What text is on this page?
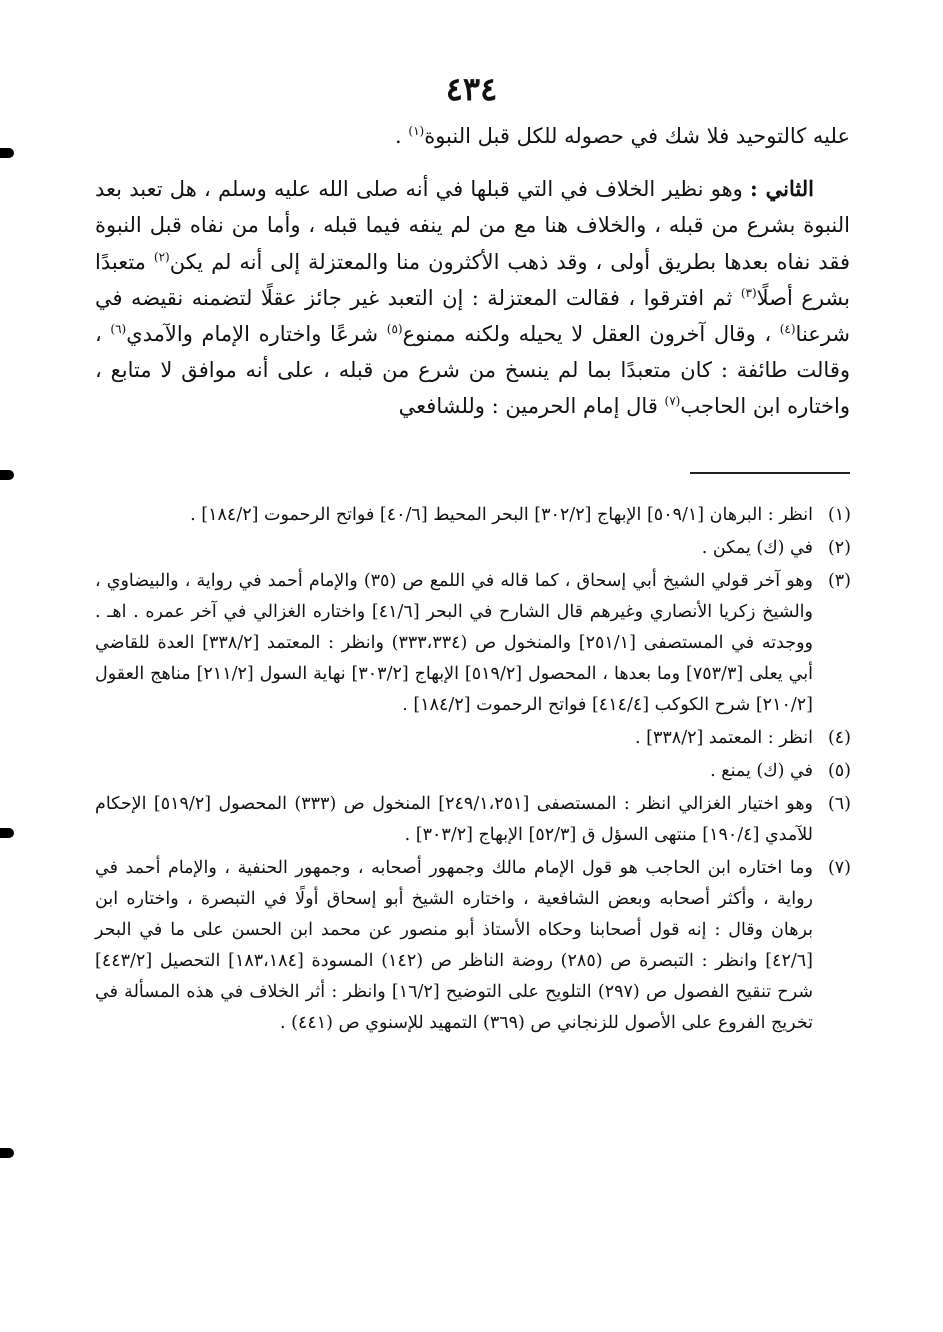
٤٣٤

عليه كالتوحيد فلا شك في حصوله للكل قبل النبوة$^{(١)}$ .

الثاني : وهو نظير الخلاف في التي قبلها في أنه صلى الله عليه وسلم ، هل تعبد بعد النبوة بشرع من قبله ، والخلاف هنا مع من لم ينفه فيما قبله ، وأما من نفاه قبل النبوة فقد نفاه بعدها بطريق أولى ، وقد ذهب الأكثرون منا والمعتزلة إلى أنه لم يكن$^{(٢)}$ متعبدًا بشرع أصلًا$^{(٣)}$ ثم افترقوا ، فقالت المعتزلة : إن التعبد غير جائز عقلًا لتضمنه نقيضه في شرعنا$^{(٤)}$ ، وقال آخرون العقل لا يحيله ولكنه ممنوع$^{(٥)}$ شرعًا واختاره الإمام والآمدي$^{(٦)}$ ، وقالت طائفة : كان متعبدًا بما لم ينسخ من شرع من قبله ، على أنه موافق لا متابع ، واختاره ابن الحاجب$^{(٧)}$ قال إمام الحرمين : وللشافعي

(١)
انظر : البرهان [٥٠٩/١] الإبهاج [٣٠٢/٢] البحر المحيط [٤٠/٦] فواتح الرحموت [١٨٤/٢] .
(٢)
في (ك) يمكن .
(٣)
وهو آخر قولي الشيخ أبي إسحاق ، كما قاله في اللمع ص (٣٥) والإمام أحمد في رواية ، والبيضاوي ، والشيخ زكريا الأنصاري وغيرهم قال الشارح في البحر [٤١/٦] واختاره الغزالي في آخر عمره . اهـ . ووجدته في المستصفى [٢٥١/١] والمنخول ص (٣٣٣،٣٣٤) وانظر : المعتمد [٣٣٨/٢] العدة للقاضي أبي يعلى [٧٥٣/٣] وما بعدها ، المحصول [٥١٩/٢] الإبهاج [٣٠٣/٢] نهاية السول [٢١١/٢] مناهج العقول [٢١٠/٢] شرح الكوكب [٤١٤/٤] فواتح الرحموت [١٨٤/٢] .
(٤)
انظر : المعتمد [٣٣٨/٢] .
(٥)
في (ك) يمنع .
(٦)
وهو اختيار الغزالي انظر : المستصفى [٢٤٩/١،٢٥١] المنخول ص (٣٣٣) المحصول [٥١٩/٢] الإحكام للآمدي [١٩٠/٤] منتهى السؤل ق [٥٢/٣] الإبهاج [٣٠٣/٢] .
(٧)
وما اختاره ابن الحاجب هو قول الإمام مالك وجمهور أصحابه ، وجمهور الحنفية ، والإمام أحمد في رواية ، وأكثر أصحابه وبعض الشافعية ، واختاره الشيخ أبو إسحاق أولًا في التبصرة ، واختاره ابن برهان وقال : إنه قول أصحابنا وحكاه الأستاذ أبو منصور عن محمد ابن الحسن على ما في البحر [٤٢/٦] وانظر : التبصرة ص (٢٨٥) روضة الناظر ص (١٤٢) المسودة [١٨٣،١٨٤] التحصيل [٤٤٣/٢] شرح تنقيح الفصول ص (٢٩٧) التلويح على التوضيح [١٦/٢] وانظر : أثر الخلاف في هذه المسألة في تخريج الفروع على الأصول للزنجاني ص (٣٦٩) التمهيد للإسنوي ص (٤٤١) .
